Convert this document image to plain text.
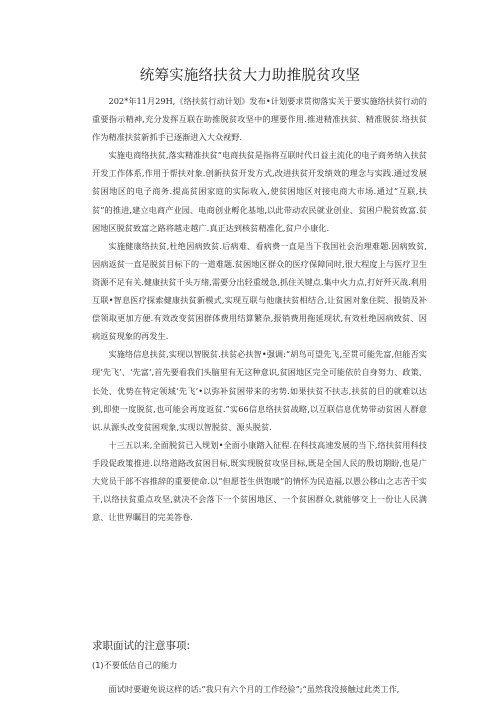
统筹实施络扶贫大力助推脱贫攻坚

202*年11月29H,《络扶贫行动计划》发布•计划要求贯彻落实关于要实施络扶贫行动的重要指示精神,充分发挥互联在助推脱贫攻坚中的理要作用.推进精准扶贫、精准脱贫.络扶贫作为精准扶贫新抓手已逐渐进入大众视野.

实施电商络扶贫,落实精准扶贫”电商扶贫是指将互联时代日益主流化的电子商务纳入扶贫开发工作体系,作用于帮扶对象.创新扶贫开发方式,改进扶贫开发绩效的理念与实践.通过发展贫困地区的电子商务.提高贫困家庭的实际收入,使贫困地区对接电商大市场.通过“互联,扶贫”的推进,建立电商产业园、电商创业孵化基地,以此带动农民就业创业、贫困户脱贫致富.贫困地区脱贫致富之路将越走越广.真正达到核贫精准化,贫户小康化.

实施健康络扶贫,杜绝因病致贫.后病难、看病费一直是当下我国社会治理难题.因病致贫,因病返贫一直是脱贫目标下的一道难题.贫困地区群众的医疗保障同时,很大程度上与医疗卫生资源不足有关.健康扶贫千头万绪,需要分出轻重缓急,抓住关键点.集中火力点,打好歼灭战.利用互联•智息医疗探索健康扶贫新模式,实现互联与他康扶贫相结合,让贫困对象住院、报销及补偿领取更加方便.有效改变贫困群体费用结算繁杂,报销费用拖延现状,有效杜绝因病致贫、因病返贫现象的再发生.

实施络信息扶贫,实现以智脱贫.扶贫必扶智•强调:“胡鸟可望先飞,至贯可能先富,但能否实现’先飞’、‘先富’,首先要看我们头脑里有无这种意识,贫困地区完全可能依於自身努力、政策、长处、优势在特定领域‘先飞’•以弥补贫困带来的劣势.如果扶贫不扶志,扶贫的目的就难以达到,即使一度脱贫,也可能会再度返贫.”实66信息络扶贫战略,以互联信息优势带动贫困人群意识.从源头改变贫困观象,实现以智脱贫、源头脱贫.

十三五以来,全面脱贫已入规划•全面小康踏入征程.在科技高速发展的当下,络扶贫用科技手段促政策推进.以络道路改贫困目标,既实现脱贫攻坚目标,既是全国人民的殷切期盼,也是广大党员干部不容推辞的重要使命.以“但愿苍生供饱暖”的情怀为民造福,以愚公移山之志苦干实干,以络扶贫重点攻坚,就决不会落下一个贫困地区、一个贫困群众,就能够交上一份让人民满意、让世界瞩目的完美答卷.

求职面试的注意事项:
(1)不要低估自己的能力
面试时要避免说这样的话:“我只有六个月的工作经验”;“虽然我没接触过此类工作,
